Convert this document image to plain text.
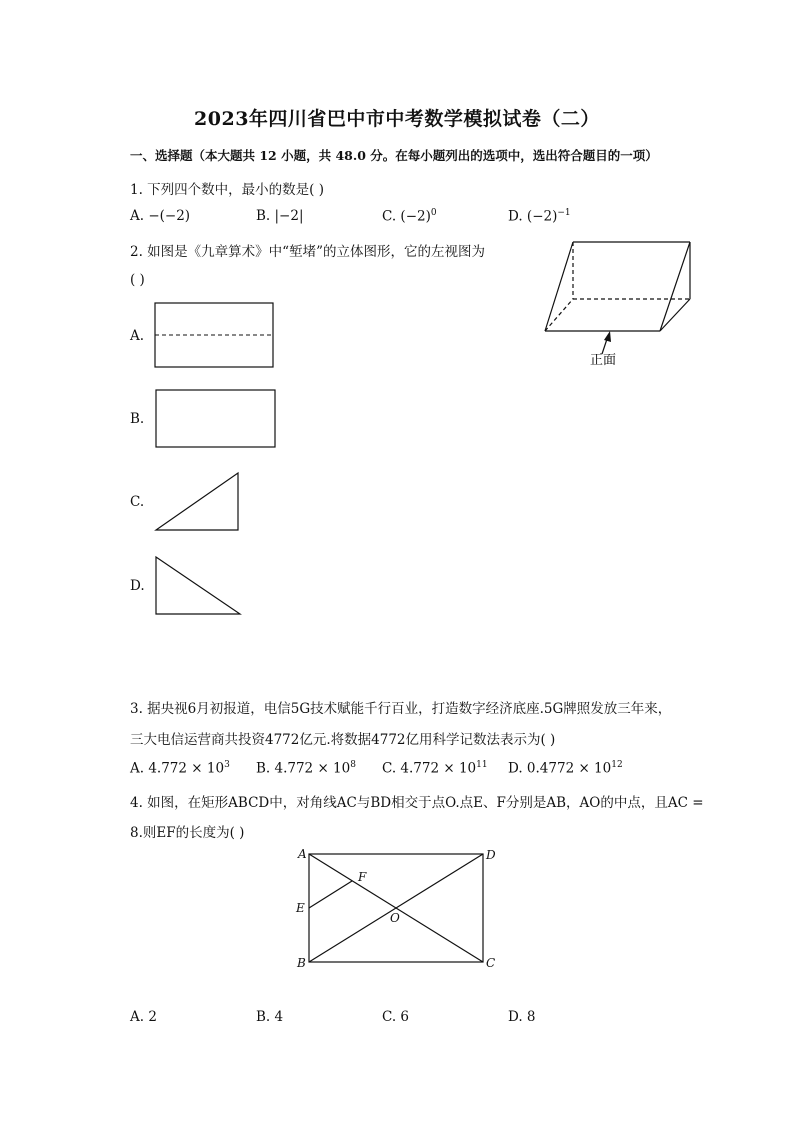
2023年四川省巴中市中考数学模拟试卷（二）
一、选择题（本大题共 12 小题，共 48.0 分。在每小题列出的选项中，选出符合题目的一项）
1. 下列四个数中，最小的数是( )
A. −(−2)	B. |−2|	C. $(-2)^0$	D. $(-2)^{-1}$
2. 如图是《九章算术》中“堑堵”的立体图形，它的左视图为
( )
正面
A.
B.
C.
D.
3. 据央视6月初报道，电信5G技术赋能千行百业，打造数字经济底座.5G牌照发放三年来，
三大电信运营商共投资4772亿元.将数据4772亿用科学记数法表示为( )
A. $4.772 \times 10^3$ B. $4.772 \times 10^8$ C. $4.772 \times 10^{11}$ D. $0.4772 \times 10^{12}$
4. 如图，在矩形ABCD中，对角线AC与BD相交于点O.点E、F分别是AB，AO的中点，且AC =
8.则EF的长度为( )
A	D
F
E
O
B	C
A. 2	B. 4	C. 6	D. 8
